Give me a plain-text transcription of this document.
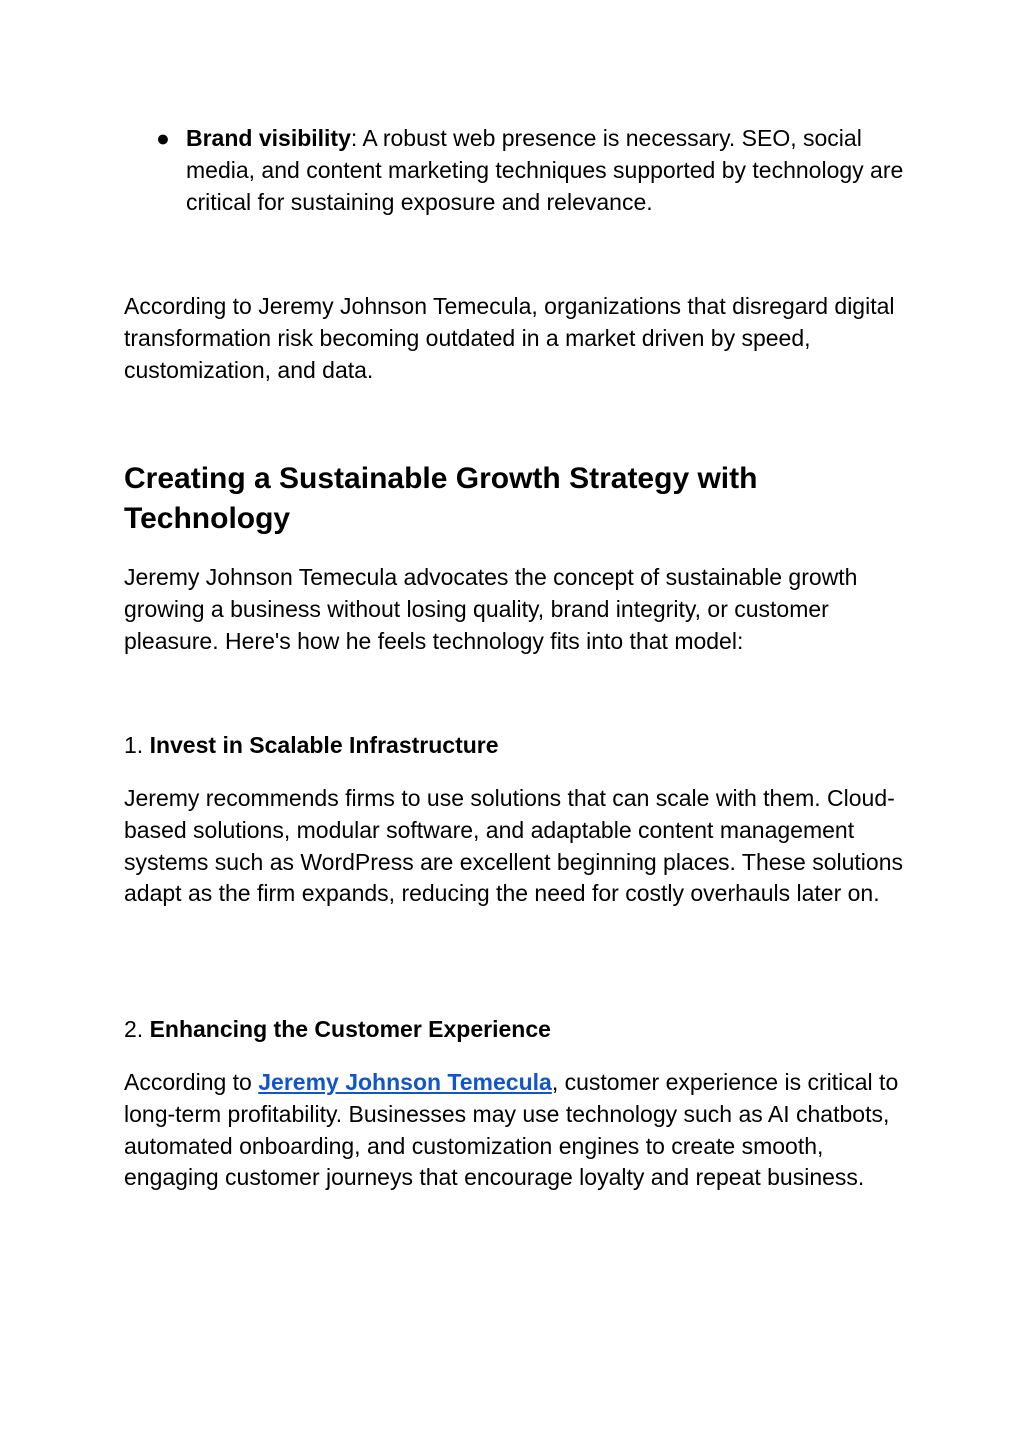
● Brand visibility: A robust web presence is necessary. SEO, social media, and content marketing techniques supported by technology are critical for sustaining exposure and relevance.

According to Jeremy Johnson Temecula, organizations that disregard digital transformation risk becoming outdated in a market driven by speed, customization, and data.

Creating a Sustainable Growth Strategy with Technology

Jeremy Johnson Temecula advocates the concept of sustainable growth growing a business without losing quality, brand integrity, or customer pleasure. Here's how he feels technology fits into that model:

1. Invest in Scalable Infrastructure

Jeremy recommends firms to use solutions that can scale with them. Cloud-based solutions, modular software, and adaptable content management systems such as WordPress are excellent beginning places. These solutions adapt as the firm expands, reducing the need for costly overhauls later on.

2. Enhancing the Customer Experience

According to Jeremy Johnson Temecula, customer experience is critical to long-term profitability. Businesses may use technology such as AI chatbots, automated onboarding, and customization engines to create smooth, engaging customer journeys that encourage loyalty and repeat business.
